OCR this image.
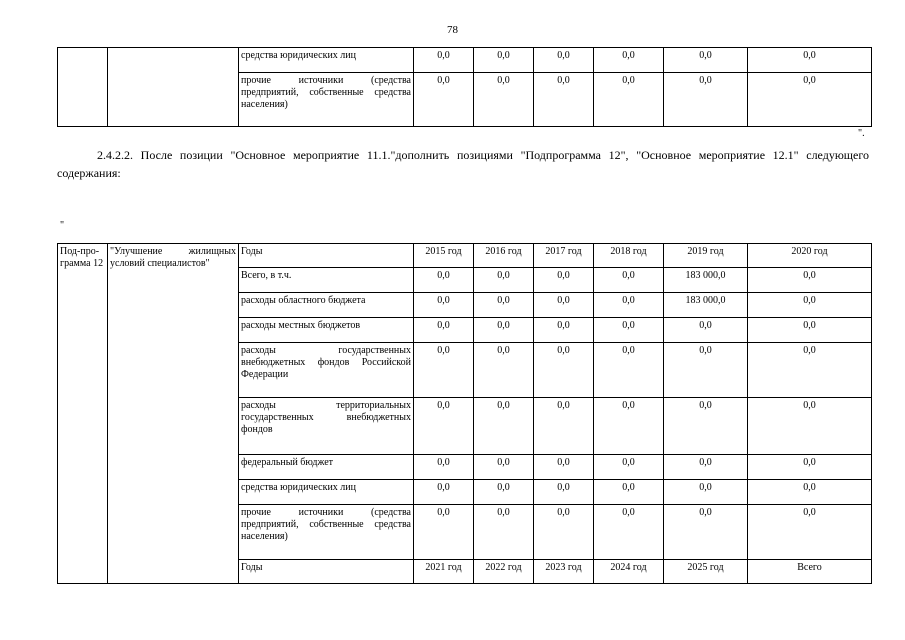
78
		средства юридических лиц	0,0	0,0	0,0	0,0	0,0	0,0
		прочие источники (средства предприятий, собственные средства населения)	0,0	0,0	0,0	0,0	0,0	0,0
".
2.4.2.2. После позиции "Основное мероприятие 11.1."дополнить позициями "Подпрограмма 12", "Основное мероприятие 12.1" следующего содержания:
"
Под-про-грамма 12	"Улучшение жилищных условий специалистов"	Годы	2015 год	2016 год	2017 год	2018 год	2019 год	2020 год
		Всего, в т.ч.	0,0	0,0	0,0	0,0	183 000,0	0,0
		расходы областного бюджета	0,0	0,0	0,0	0,0	183 000,0	0,0
		расходы местных бюджетов	0,0	0,0	0,0	0,0	0,0	0,0
		расходы государственных внебюджетных фондов Российской Федерации	0,0	0,0	0,0	0,0	0,0	0,0
		расходы территориальных государственных внебюджетных фондов	0,0	0,0	0,0	0,0	0,0	0,0
		федеральный бюджет	0,0	0,0	0,0	0,0	0,0	0,0
		средства юридических лиц	0,0	0,0	0,0	0,0	0,0	0,0
		прочие источники (средства предприятий, собственные средства населения)	0,0	0,0	0,0	0,0	0,0	0,0
		Годы	2021 год	2022 год	2023 год	2024 год	2025 год	Всего
